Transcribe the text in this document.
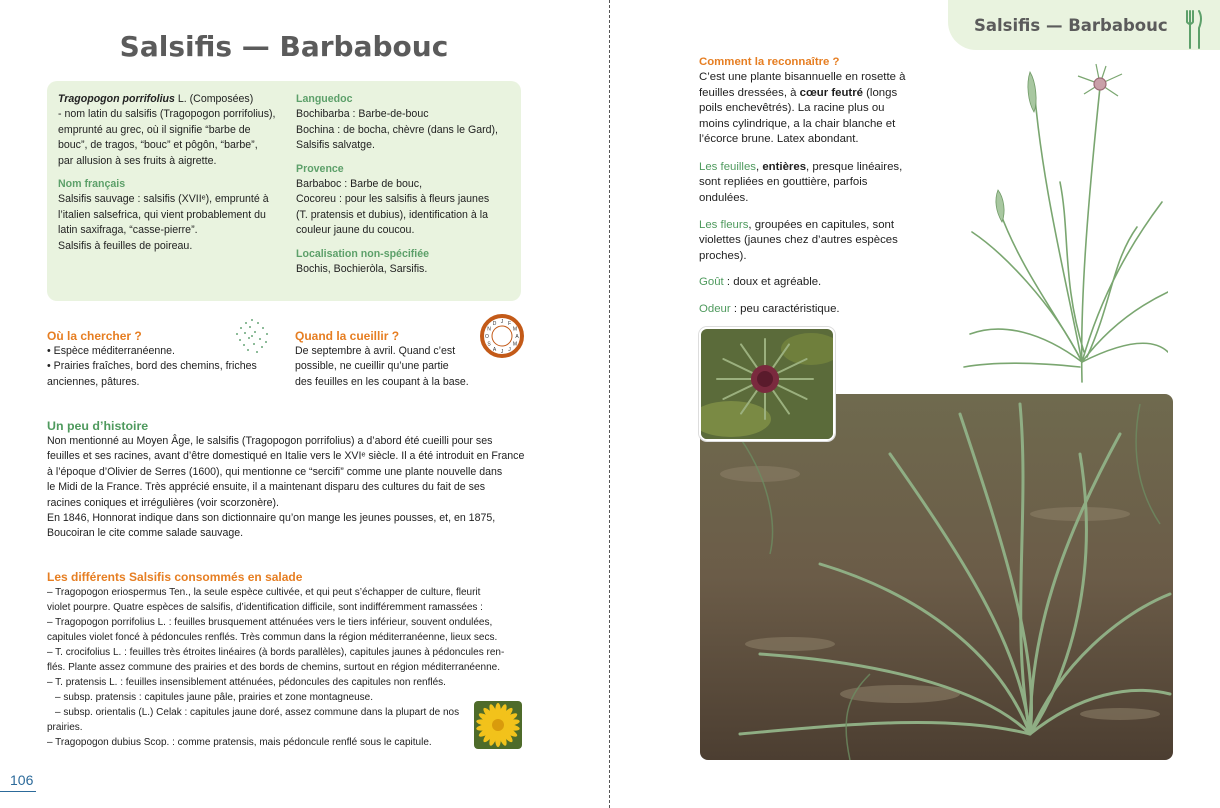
Salsifis — Barbabouc

Tragopogon porrifolius L. (Composées)

- nom latin du salsifis (Tragopogon porrifolius),

emprunté au grec, où il signifie “barbe de

bouc”, de tragos, “bouc” et pôgôn, “barbe”,

par allusion à ses fruits à aigrette.

Nom français

Salsifis sauvage : salsifis (XVIIᵉ), emprunté à

l’italien salsefrica, qui vient probablement du

latin saxifraga, “casse-pierre”.

Salsifis à feuilles de poireau.

Languedoc

Bochibarba : Barbe-de-bouc

Bochina : de bocha, chèvre (dans le Gard),

Salsifis salvatge.

Provence

Barbaboc : Barbe de bouc,

Cocoreu : pour les salsifis à fleurs jaunes

(T. pratensis et dubius), identification à la

couleur jaune du coucou.

Localisation non-spécifiée

Bochis, Bochieròla, Sarsifis.

Où la chercher ?

• Espèce méditerranéenne.

• Prairies fraîches, bord des chemins, friches

anciennes, pâtures.

Quand la cueillir ?

De septembre à avril. Quand c’est

possible, ne cueillir qu’une partie

des feuilles en les coupant à la base.

J F
M
A
M
J
J
A
S
O
N
D

Un peu d’histoire

Non mentionné au Moyen Âge, le salsifis (Tragopogon porrifolius) a d’abord été cueilli pour ses

feuilles et ses racines, avant d’être domestiqué en Italie vers le XVIᵉ siècle. Il a été introduit en France

à l’époque d’Olivier de Serres (1600), qui mentionne ce “sercifi” comme une plante nouvelle dans

le Midi de la France. Très apprécié ensuite, il a maintenant disparu des cultures du fait de ses

racines coniques et irrégulières (voir scorzonère).

En 1846, Honnorat indique dans son dictionnaire qu’on mange les jeunes pousses, et, en 1875,

Boucoiran le cite comme salade sauvage.

Les différents Salsifis consommés en salade

– Tragopogon eriospermus Ten., la seule espèce cultivée, et qui peut s’échapper de culture, fleurit

violet pourpre. Quatre espèces de salsifis, d’identification difficile, sont indifféremment ramassées :

– Tragopogon porrifolius L. : feuilles brusquement atténuées vers le tiers inférieur, souvent ondulées,

capitules violet foncé à pédoncules renflés. Très commun dans la région méditerranéenne, lieux secs.

– T. crocifolius L. : feuilles très étroites linéaires (à bords parallèles), capitules jaunes à pédoncules ren-

flés. Plante assez commune des prairies et des bords de chemins, surtout en région méditerranéenne.

– T. pratensis L. : feuilles insensiblement atténuées, pédoncules des capitules non renflés.

– subsp. pratensis : capitules jaune pâle, prairies et zone montagneuse.

– subsp. orientalis (L.) Celak : capitules jaune doré, assez commune dans la plupart de nos

prairies.

– Tragopogon dubius Scop. : comme pratensis, mais pédoncule renflé sous le capitule.

106
Salsifis — Barbabouc

Comment la reconnaître ?

C’est une plante bisannuelle en rosette à feuilles dressées, à cœur feutré (longs poils enchevêtrés). La racine plus ou moins cylindrique, a la chair blanche et l’écorce brune. Latex abondant.

Les feuilles, entières, presque linéaires, sont repliées en gouttière, parfois ondulées.

Les fleurs, groupées en capitules, sont violettes (jaunes chez d’autres espèces proches).

Goût : doux et agréable.

Odeur : peu caractéristique.
